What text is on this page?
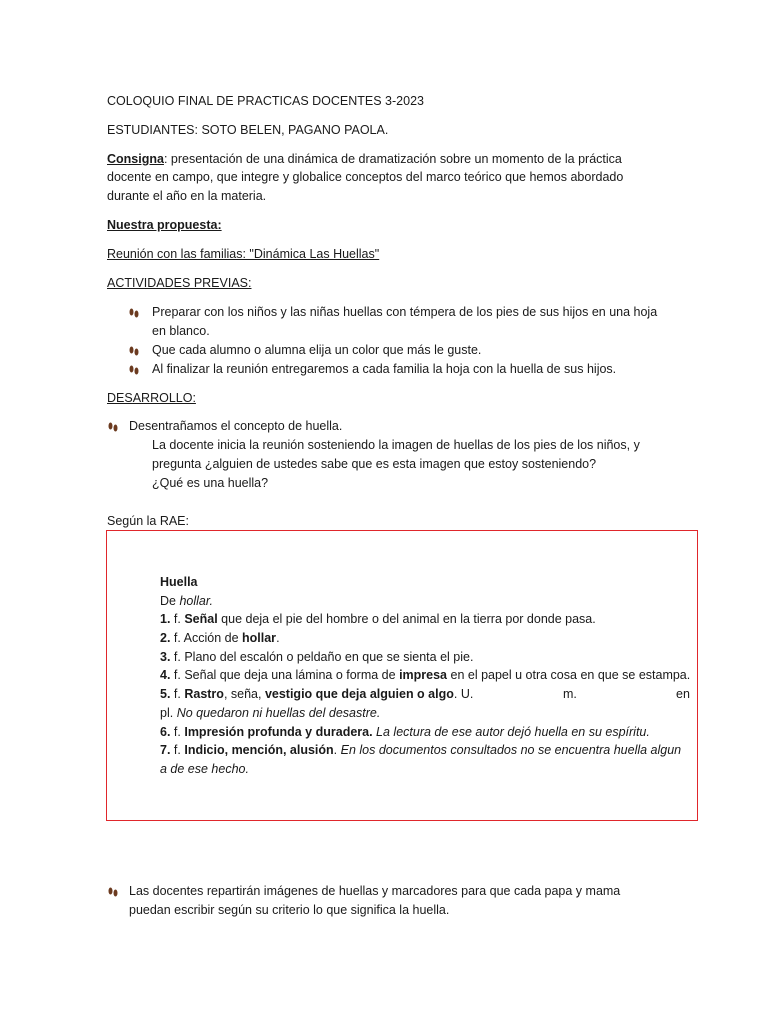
COLOQUIO FINAL DE PRACTICAS DOCENTES 3-2023
ESTUDIANTES: SOTO BELEN, PAGANO PAOLA.
Consigna: presentación de una dinámica de dramatización sobre un momento de la práctica
docente en campo, que integre y globalice conceptos del marco teórico que hemos abordado
durante el año en la materia.
Nuestra propuesta:
Reunión con las familias: "Dinámica Las Huellas"
ACTIVIDADES PREVIAS:
Preparar con los niños y las niñas huellas con témpera de los pies de sus hijos en una hoja
en blanco.
Que cada alumno o alumna elija un color que más le guste.
Al finalizar la reunión entregaremos a cada familia la hoja con la huella de sus hijos.
DESARROLLO:
Desentrañamos el concepto de huella.
La docente inicia la reunión sosteniendo la imagen de huellas de los pies de los niños, y
pregunta ¿alguien de ustedes sabe que es esta imagen que estoy sosteniendo?
¿Qué es una huella?
Según la RAE:
Huella
De hollar.
1. f. Señal que deja el pie del hombre o del animal en la tierra por donde pasa.
2. f. Acción de hollar.
3. f. Plano del escalón o peldaño en que se sienta el pie.
4. f. Señal que deja una lámina o forma de impresa en el papel u otra cosa en que se estampa.
5. f. Rastro, seña, vestigio que deja alguien o algo. U.	m.	en
pl. No quedaron ni huellas del desastre.
6. f. Impresión profunda y duradera. La lectura de ese autor dejó huella en su espíritu.
7. f. Indicio, mención, alusión. En los documentos consultados no se encuentra huella algun
a de ese hecho.
Las docentes repartirán imágenes de huellas y marcadores para que cada papa y mama
puedan escribir según su criterio lo que significa la huella.
